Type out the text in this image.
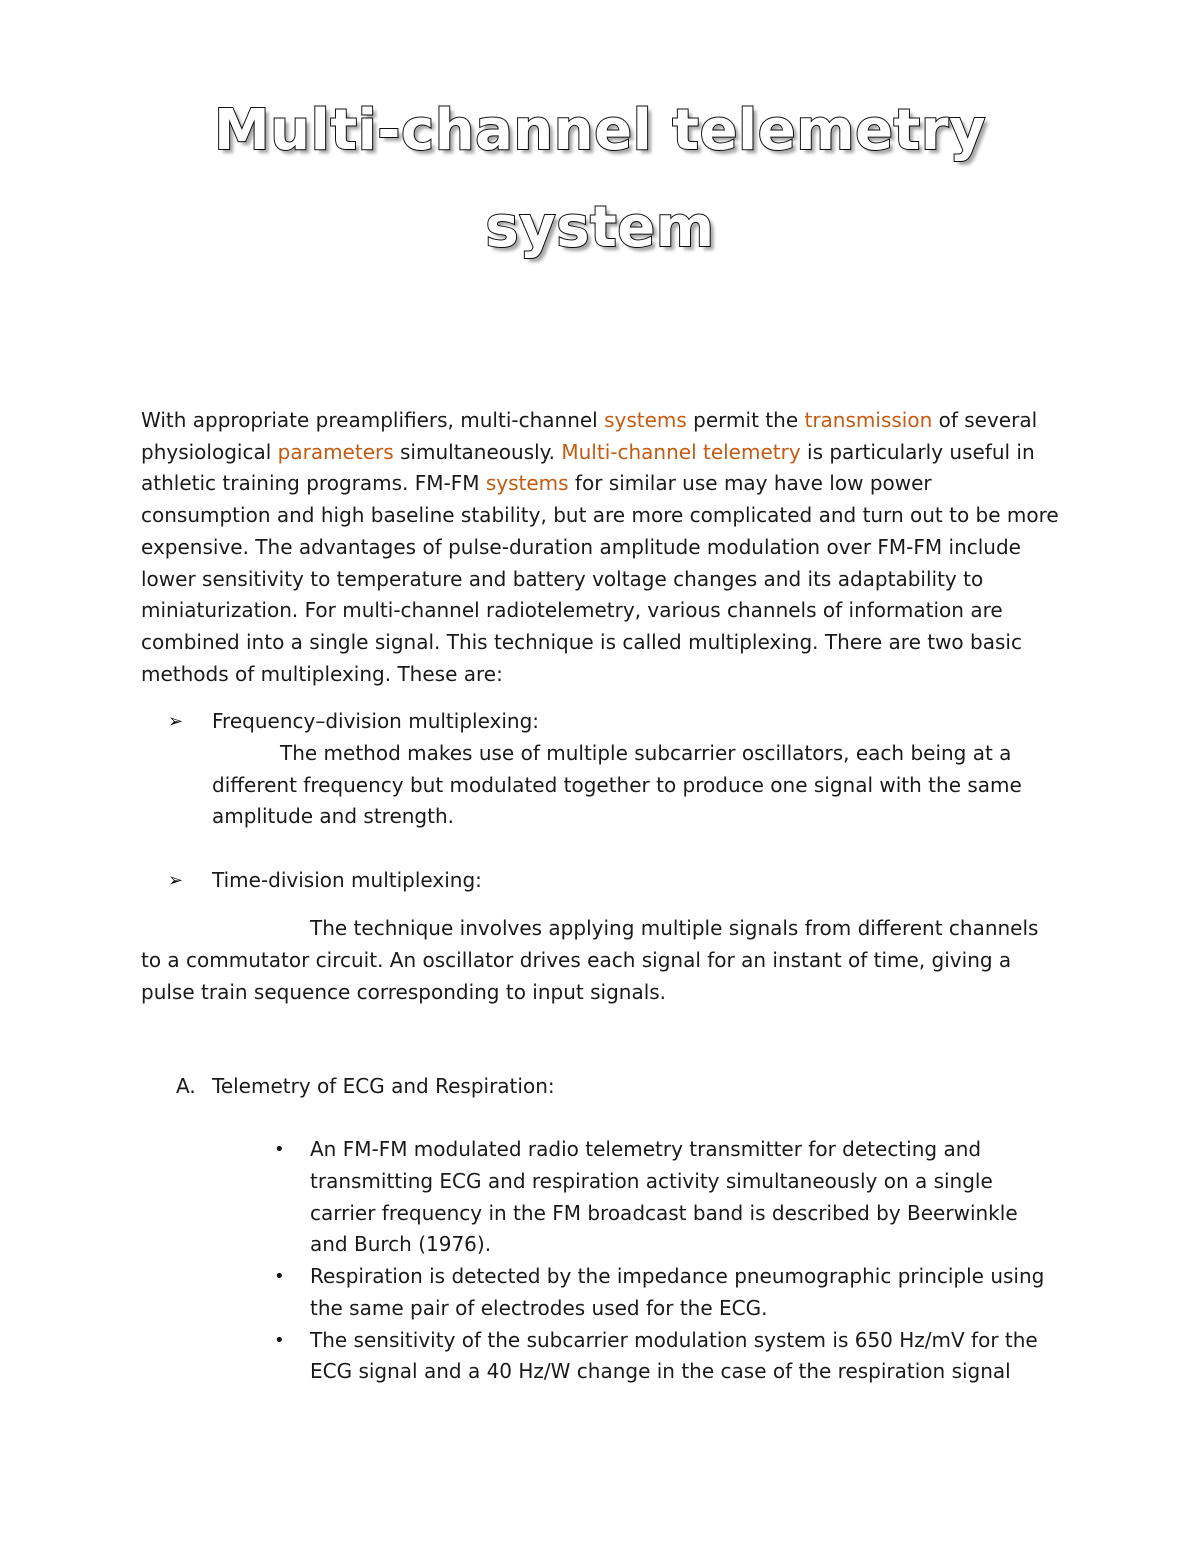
Multi-channel telemetry
system

With appropriate preamplifiers, multi-channel systems permit the transmission of several physiological parameters simultaneously. Multi-channel telemetry is particularly useful in athletic training programs. FM-FM systems for similar use may have low power consumption and high baseline stability, but are more complicated and turn out to be more expensive. The advantages of pulse-duration amplitude modulation over FM-FM include lower sensitivity to temperature and battery voltage changes and its adaptability to miniaturization. For multi-channel radiotelemetry, various channels of information are combined into a single signal. This technique is called multiplexing. There are two basic methods of multiplexing. These are:

➢ Frequency–division multiplexing:
The method makes use of multiple subcarrier oscillators, each being at a
different frequency but modulated together to produce one signal with the same
amplitude and strength.
➢ Time-division multiplexing:
The technique involves applying multiple signals from different channels
to a commutator circuit. An oscillator drives each signal for an instant of time, giving a
pulse train sequence corresponding to input signals.
A. Telemetry of ECG and Respiration:
• An FM-FM modulated radio telemetry transmitter for detecting and
transmitting ECG and respiration activity simultaneously on a single
carrier frequency in the FM broadcast band is described by Beerwinkle
and Burch (1976).
• Respiration is detected by the impedance pneumographic principle using
the same pair of electrodes used for the ECG.
• The sensitivity of the subcarrier modulation system is 650 Hz/mV for the
ECG signal and a 40 Hz/W change in the case of the respiration signal
